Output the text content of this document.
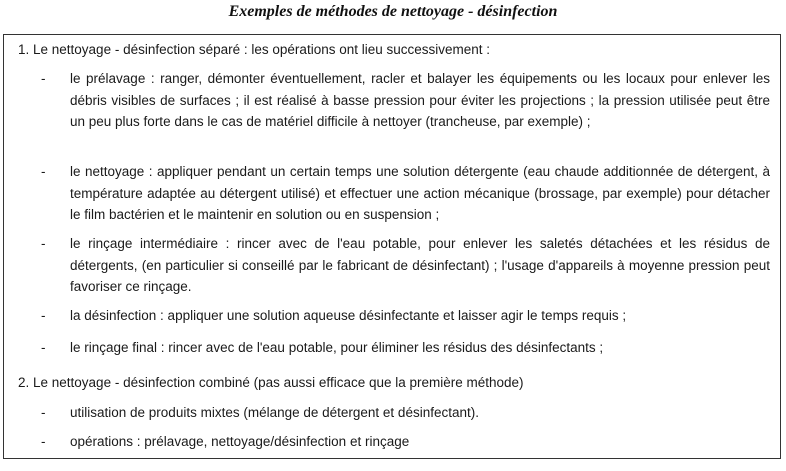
Exemples de méthodes de nettoyage - désinfection
1. Le nettoyage - désinfection séparé : les opérations ont lieu successivement :
- le prélavage : ranger, démonter éventuellement, racler et balayer les équipements ou les locaux pour enlever les débris visibles de surfaces ; il est réalisé à basse pression pour éviter les projections ; la pression utilisée peut être un peu plus forte dans le cas de matériel difficile à nettoyer (trancheuse, par exemple) ;
- le nettoyage : appliquer pendant un certain temps une solution détergente (eau chaude additionnée de détergent, à température adaptée au détergent utilisé) et effectuer une action mécanique (brossage, par exemple) pour détacher le film bactérien et le maintenir en solution ou en suspension ;
- le rinçage intermédiaire : rincer avec de l'eau potable, pour enlever les saletés détachées et les résidus de détergents, (en particulier si conseillé par le fabricant de désinfectant) ; l'usage d'appareils à moyenne pression peut favoriser ce rinçage.
- la désinfection : appliquer une solution aqueuse désinfectante et laisser agir le temps requis ;
- le rinçage final : rincer avec de l'eau potable, pour éliminer les résidus des désinfectants ;
2. Le nettoyage - désinfection combiné (pas aussi efficace que la première méthode)
- utilisation de produits mixtes (mélange de détergent et désinfectant).
- opérations : prélavage, nettoyage/désinfection et rinçage
